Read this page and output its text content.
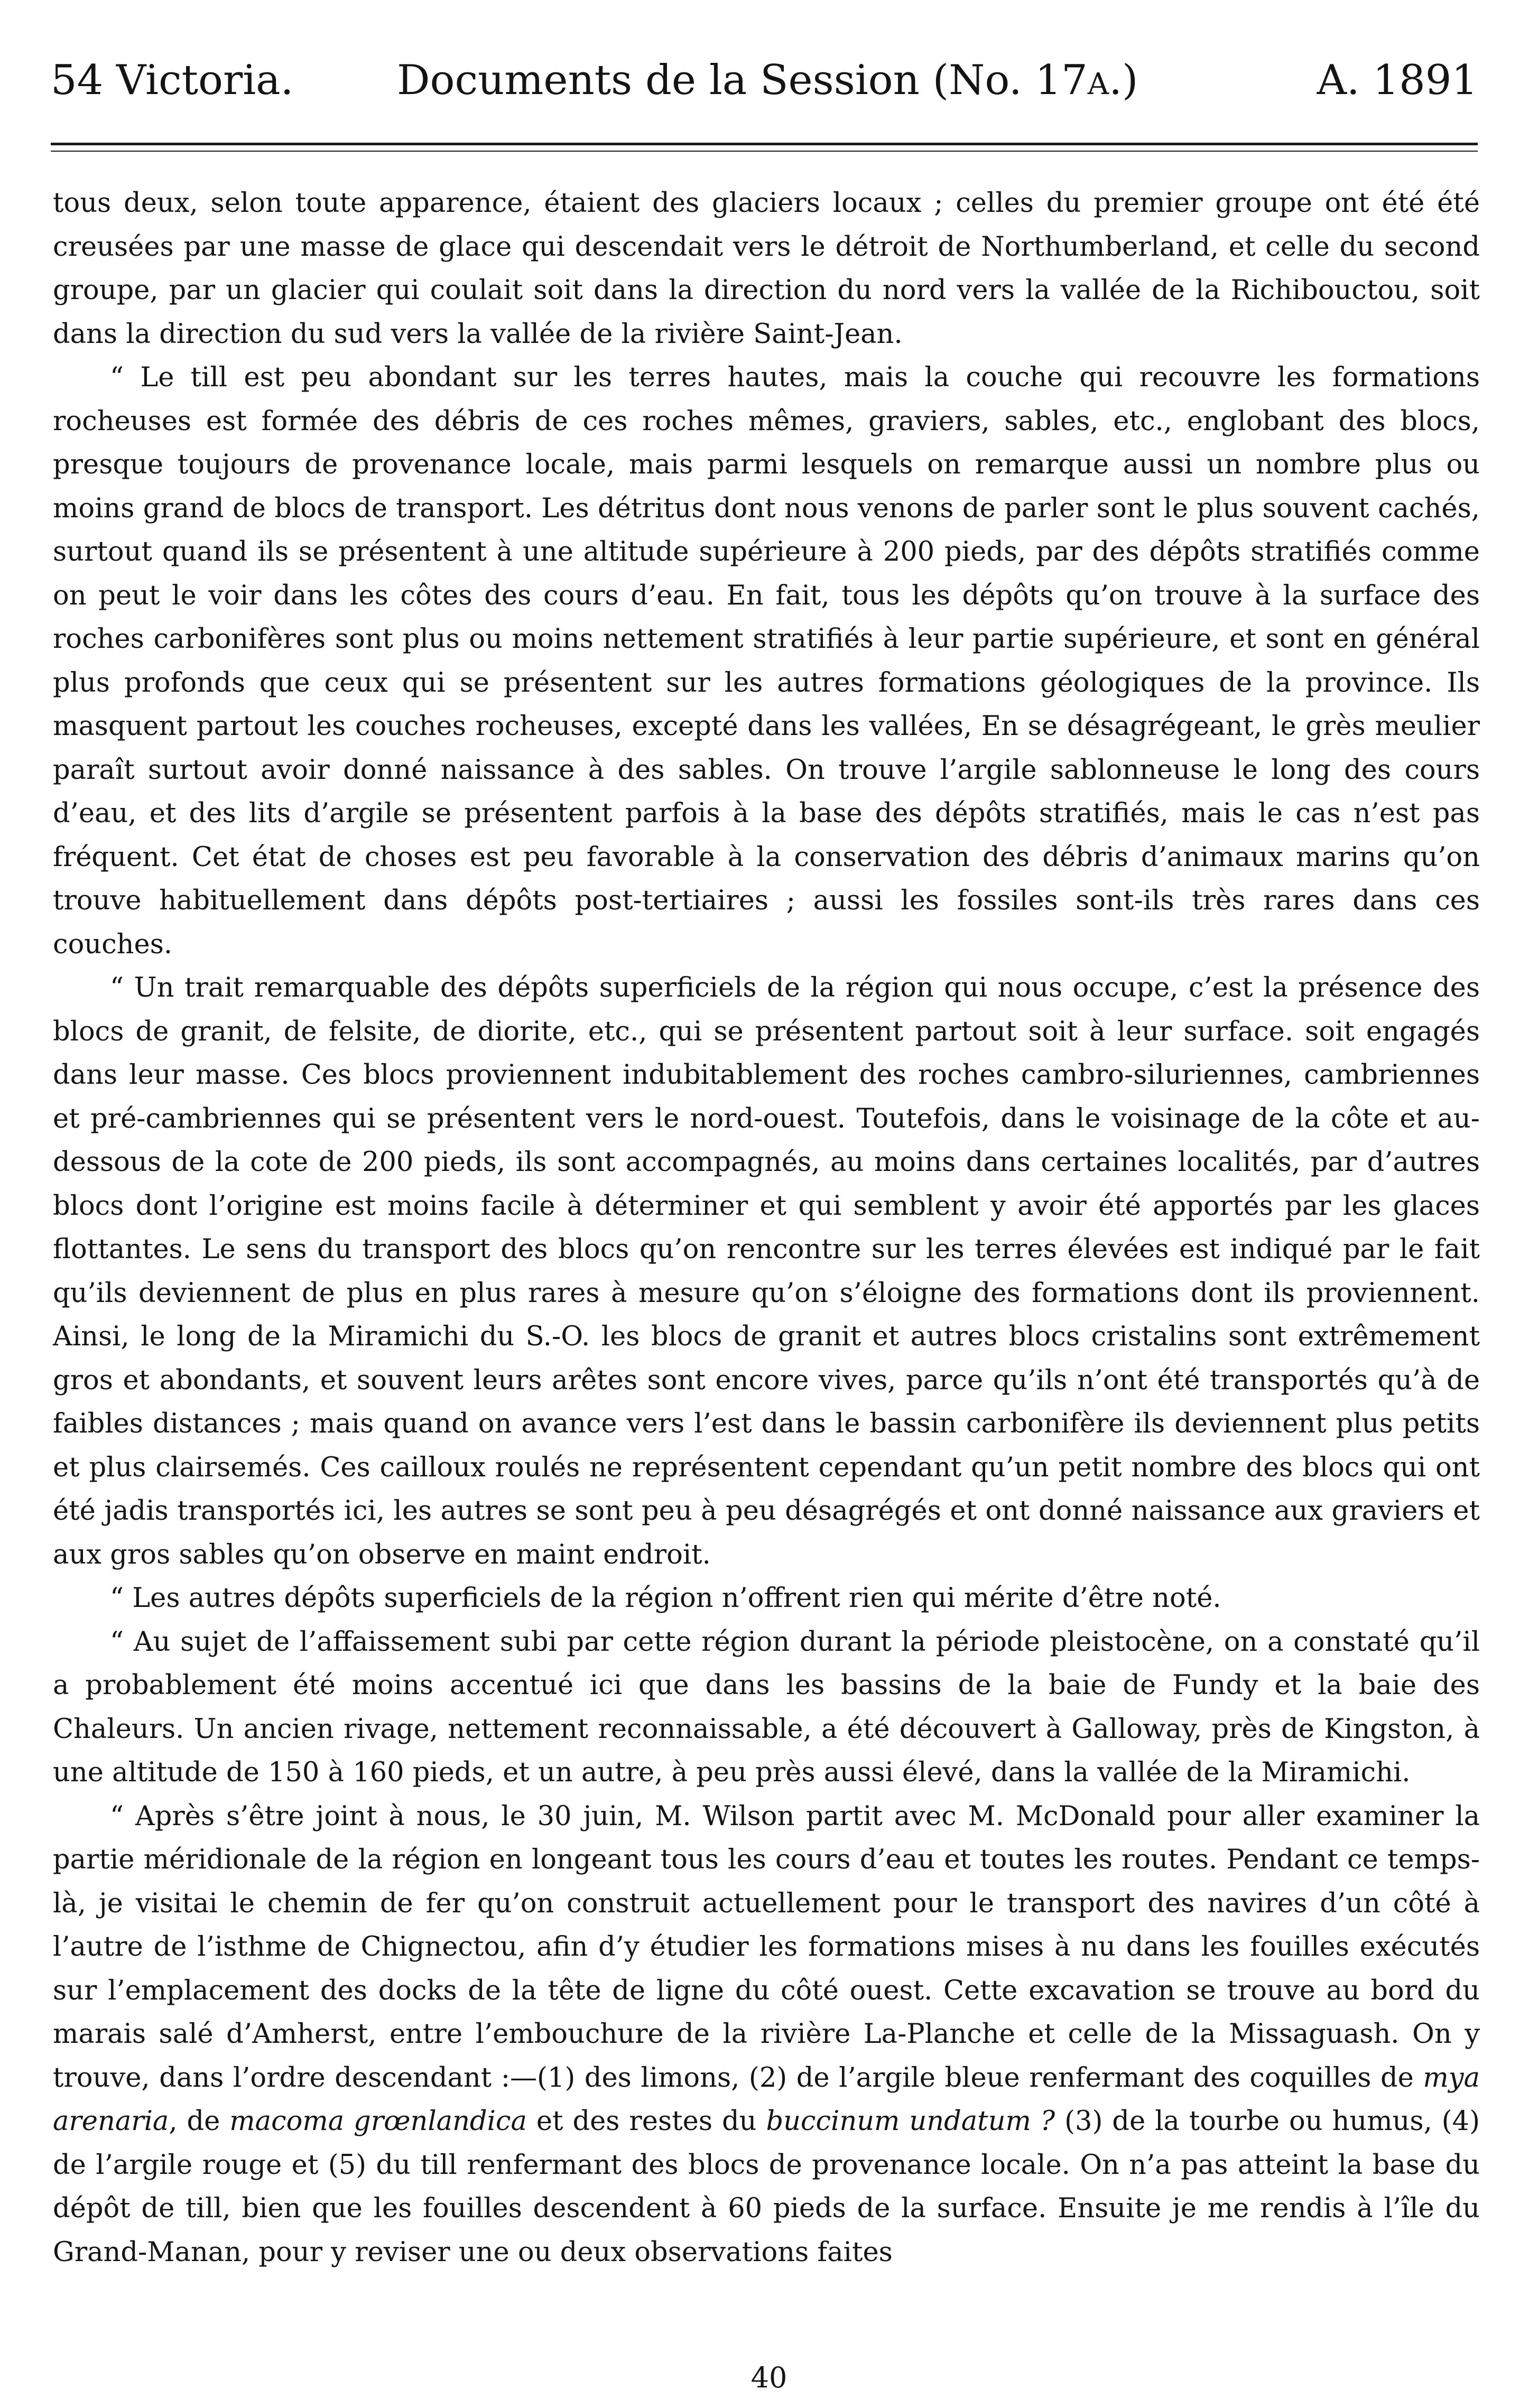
54 Victoria.	Documents de la Session (No. 17A.)	A. 1891

tous deux, selon toute apparence, étaient des glaciers locaux ; celles du premier groupe ont été été creusées par une masse de glace qui descendait vers le détroit de Northumberland, et celle du second groupe, par un glacier qui coulait soit dans la direction du nord vers la vallée de la Richibouctou, soit dans la direction du sud vers la vallée de la rivière Saint-Jean.

“ Le till est peu abondant sur les terres hautes, mais la couche qui recouvre les formations rocheuses est formée des débris de ces roches mêmes, graviers, sables, etc., englobant des blocs, presque toujours de provenance locale, mais parmi lesquels on remarque aussi un nombre plus ou moins grand de blocs de transport. Les détritus dont nous venons de parler sont le plus souvent cachés, surtout quand ils se présentent à une altitude supérieure à 200 pieds, par des dépôts stratifiés comme on peut le voir dans les côtes des cours d’eau. En fait, tous les dépôts qu’on trouve à la surface des roches carbonifères sont plus ou moins nettement stratifiés à leur partie supérieure, et sont en général plus profonds que ceux qui se présentent sur les autres formations géologiques de la province. Ils masquent partout les couches rocheuses, excepté dans les vallées, En se désagrégeant, le grès meulier paraît surtout avoir donné naissance à des sables. On trouve l’argile sablonneuse le long des cours d’eau, et des lits d’argile se présentent parfois à la base des dépôts stratifiés, mais le cas n’est pas fréquent. Cet état de choses est peu favorable à la conservation des débris d’animaux marins qu’on trouve habituellement dans dépôts post-tertiaires ; aussi les fossiles sont-ils très rares dans ces couches.

“ Un trait remarquable des dépôts superficiels de la région qui nous occupe, c’est la présence des blocs de granit, de felsite, de diorite, etc., qui se présentent partout soit à leur surface. soit engagés dans leur masse. Ces blocs proviennent indubitablement des roches cambro-siluriennes, cambriennes et pré-cambriennes qui se présentent vers le nord-ouest. Toutefois, dans le voisinage de la côte et au-dessous de la cote de 200 pieds, ils sont accompagnés, au moins dans certaines localités, par d’autres blocs dont l’origine est moins facile à déterminer et qui semblent y avoir été apportés par les glaces flottantes. Le sens du transport des blocs qu’on rencontre sur les terres élevées est indiqué par le fait qu’ils deviennent de plus en plus rares à mesure qu’on s’éloigne des formations dont ils proviennent. Ainsi, le long de la Miramichi du S.-O. les blocs de granit et autres blocs cristalins sont extrêmement gros et abondants, et souvent leurs arêtes sont encore vives, parce qu’ils n’ont été transportés qu’à de faibles distances ; mais quand on avance vers l’est dans le bassin carbonifère ils deviennent plus petits et plus clairsemés. Ces cailloux roulés ne représentent cependant qu’un petit nombre des blocs qui ont été jadis transportés ici, les autres se sont peu à peu désagrégés et ont donné naissance aux graviers et aux gros sables qu’on observe en maint endroit.

“ Les autres dépôts superficiels de la région n’offrent rien qui mérite d’être noté.

“ Au sujet de l’affaissement subi par cette région durant la période pleistocène, on a constaté qu’il a probablement été moins accentué ici que dans les bassins de la baie de Fundy et la baie des Chaleurs. Un ancien rivage, nettement reconnaissable, a été découvert à Galloway, près de Kingston, à une altitude de 150 à 160 pieds, et un autre, à peu près aussi élevé, dans la vallée de la Miramichi.

“ Après s’être joint à nous, le 30 juin, M. Wilson partit avec M. McDonald pour aller examiner la partie méridionale de la région en longeant tous les cours d’eau et toutes les routes. Pendant ce temps-là, je visitai le chemin de fer qu’on construit actuellement pour le transport des navires d’un côté à l’autre de l’isthme de Chignectou, afin d’y étudier les formations mises à nu dans les fouilles exécutés sur l’emplacement des docks de la tête de ligne du côté ouest. Cette excavation se trouve au bord du marais salé d’Amherst, entre l’embouchure de la rivière La-Planche et celle de la Missaguash. On y trouve, dans l’ordre descendant :—(1) des limons, (2) de l’argile bleue renfermant des coquilles de mya arenaria, de macoma grœnlandica et des restes du buccinum undatum ? (3) de la tourbe ou humus, (4) de l’argile rouge et (5) du till renfermant des blocs de provenance locale. On n’a pas atteint la base du dépôt de till, bien que les fouilles descendent à 60 pieds de la surface. Ensuite je me rendis à l’île du Grand-Manan, pour y reviser une ou deux observations faites

40
